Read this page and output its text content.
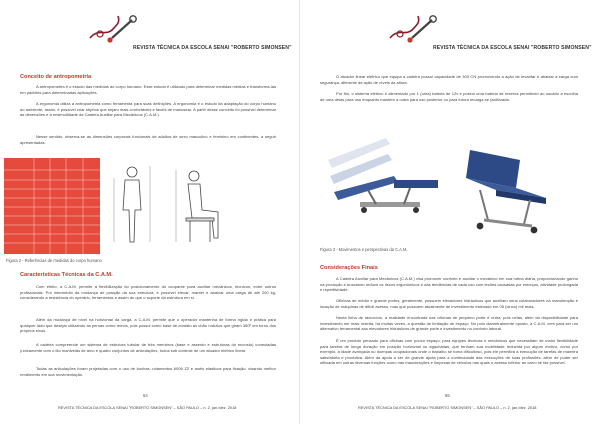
REVISTA TÉCNICA DA ESCOLA SENAI "ROBERTO SIMONSEN"
Conceito de antropometria

A antropometria é o estudo das medidas do corpo humano. Esse estudo é utilizado para determinar medidas médias e transformá-las em padrões para determinadas aplicações.

A ergonomia utiliza a antropometria como ferramenta para suas definições. A ergonomia é o estudo da adaptação do corpo humano ao ambiente, assim, é possível criar objetos que sejam mais confortáveis e fáceis de manusear. A partir desse conceito foi possível determinar as dimensões e a ensimultidade da Cadeira Auxiliar para Mecânicos (C.A.M.).

Nesse sentido, observa-se as dimensões corporais funcionais de adultos de sexo masculino e feminino em continentes, a seguir apresentadas:

Figura 2 - Referências de medidas do corpo humano
Características Técnicas da C.A.M.

Com efeito, a C.A.M. permite a flexibilização do posicionamento do ocupante para auxiliar mecânicos, técnicos, entre outros profissionais. Por intermédio da mudança de posição da sua estrutura, é possível elevar, manter e abaixar uma carga de até 200 kg, considerando a resistência do operário, ferramentas e assim do que o suporte da estrutura em si.

Além da mudança de nível na horizontal da carga, a C.A.M. permite que o operador mantenha de forma rígida e prática para qualquer lado que desejar utilizando as pernas como remos, pois possui como base de contato as chão rodízios que giram 360º em torno dos próprios eixos.

A cadeira compreende um sistema de estrutura tubular de três membros (base e assento e estruturas do encosto) conectadas (unicamente com o lito manivelas de aíno e quatro conjuntos de articulações, todos sob controle de um atuador elétrico linear.

Todas as articulações foram projetadas com o uso de buchas, rolamentos 6006 ZZ e anéis elásticos para fixação, visando melhor rendimento em sua movimentação.

64
REVISTA TÉCNICA DA ESCOLA SENAI "ROBERTO SIMONSEN" – SÃO PAULO – n. 2, jan./dez. 2018
REVISTA TÉCNICA DA ESCOLA SENAI "ROBERTO SIMONSEN"

O atuador linear elétrico que equipa a cadeira possui capacidade de 300 CN promovendo a ação de levantar e abaixar a carga com segurança, diferente da ação de níveis da altura.

Por fim, o sistema elétrico é alimentado por 1 (uma) bateria de 12v e possui uma bateria de reserva permitindo ao usuário a escolha de uma delas para uso enquanto mantém a outra para uso posterior ou para futura recarga se (autílizada.

Figura 3 - Movimentos e perspectivas da C.A.M.
Considerações Finais

A Cadeira Auxiliar para Mecânicos (C.A.M.) visa promover conforto e auxiliar o mecânico em sua rotina diária, proporcionando ganho na produção e buscando reduzir os riscos ergonômicos e das tendências de cada uso com lesões causadas por esforços, atividade prolongada e repetitividade.

Oficinas de médio e grande portes, geralmente, possuem elevadores hidráulicos que auxiliam seus colaboradores na manutenção e locação de máquinas de difícil acesso, mas que possuem atualmente de investimento estimado em 05 (cinco) mil reais.

Nesta linha de raciocínio, a realidade encontrada nas oficinas de pequeno porte é outra, pois nelas, além da disponibilidade para investimento ser mais restrita, há muitas vezes, a questão de limitação de espaço. No polo diametralmente oposto, a C.A.M. vem para ser um alternativo ferramental aos elevadores hidráulicos de grande porte e investimento no conforto laboral.

É um produto pensado para oficinas com pouco espaço, para equipes técnicas e mecânicos que necessitam de maior flexibilidade para tarefas de longa duração em posição horizontal ou agachadas; que tenham sua mobilidade reduzida por algum motivo, como por exemplo, a idade avançada ou doenças ocupacionais onde o trabalho se torna dificultoso, pois ele permitirá a execução de tarefas de maneira satisfatória e produtiva. Além da ajuda a ser de grande ajuda para a continuidade das execuções de suas profissões; além de poder ser utilizada em outras diversas funções como nas manutenções e limpezas de veiculos nas quais o acesso inferior ao carro se faz possível.

65
REVISTA TÉCNICA DA ESCOLA SENAI "ROBERTO SIMONSEN" – SÃO PAULO – n. 2, jan./dez. 2018
